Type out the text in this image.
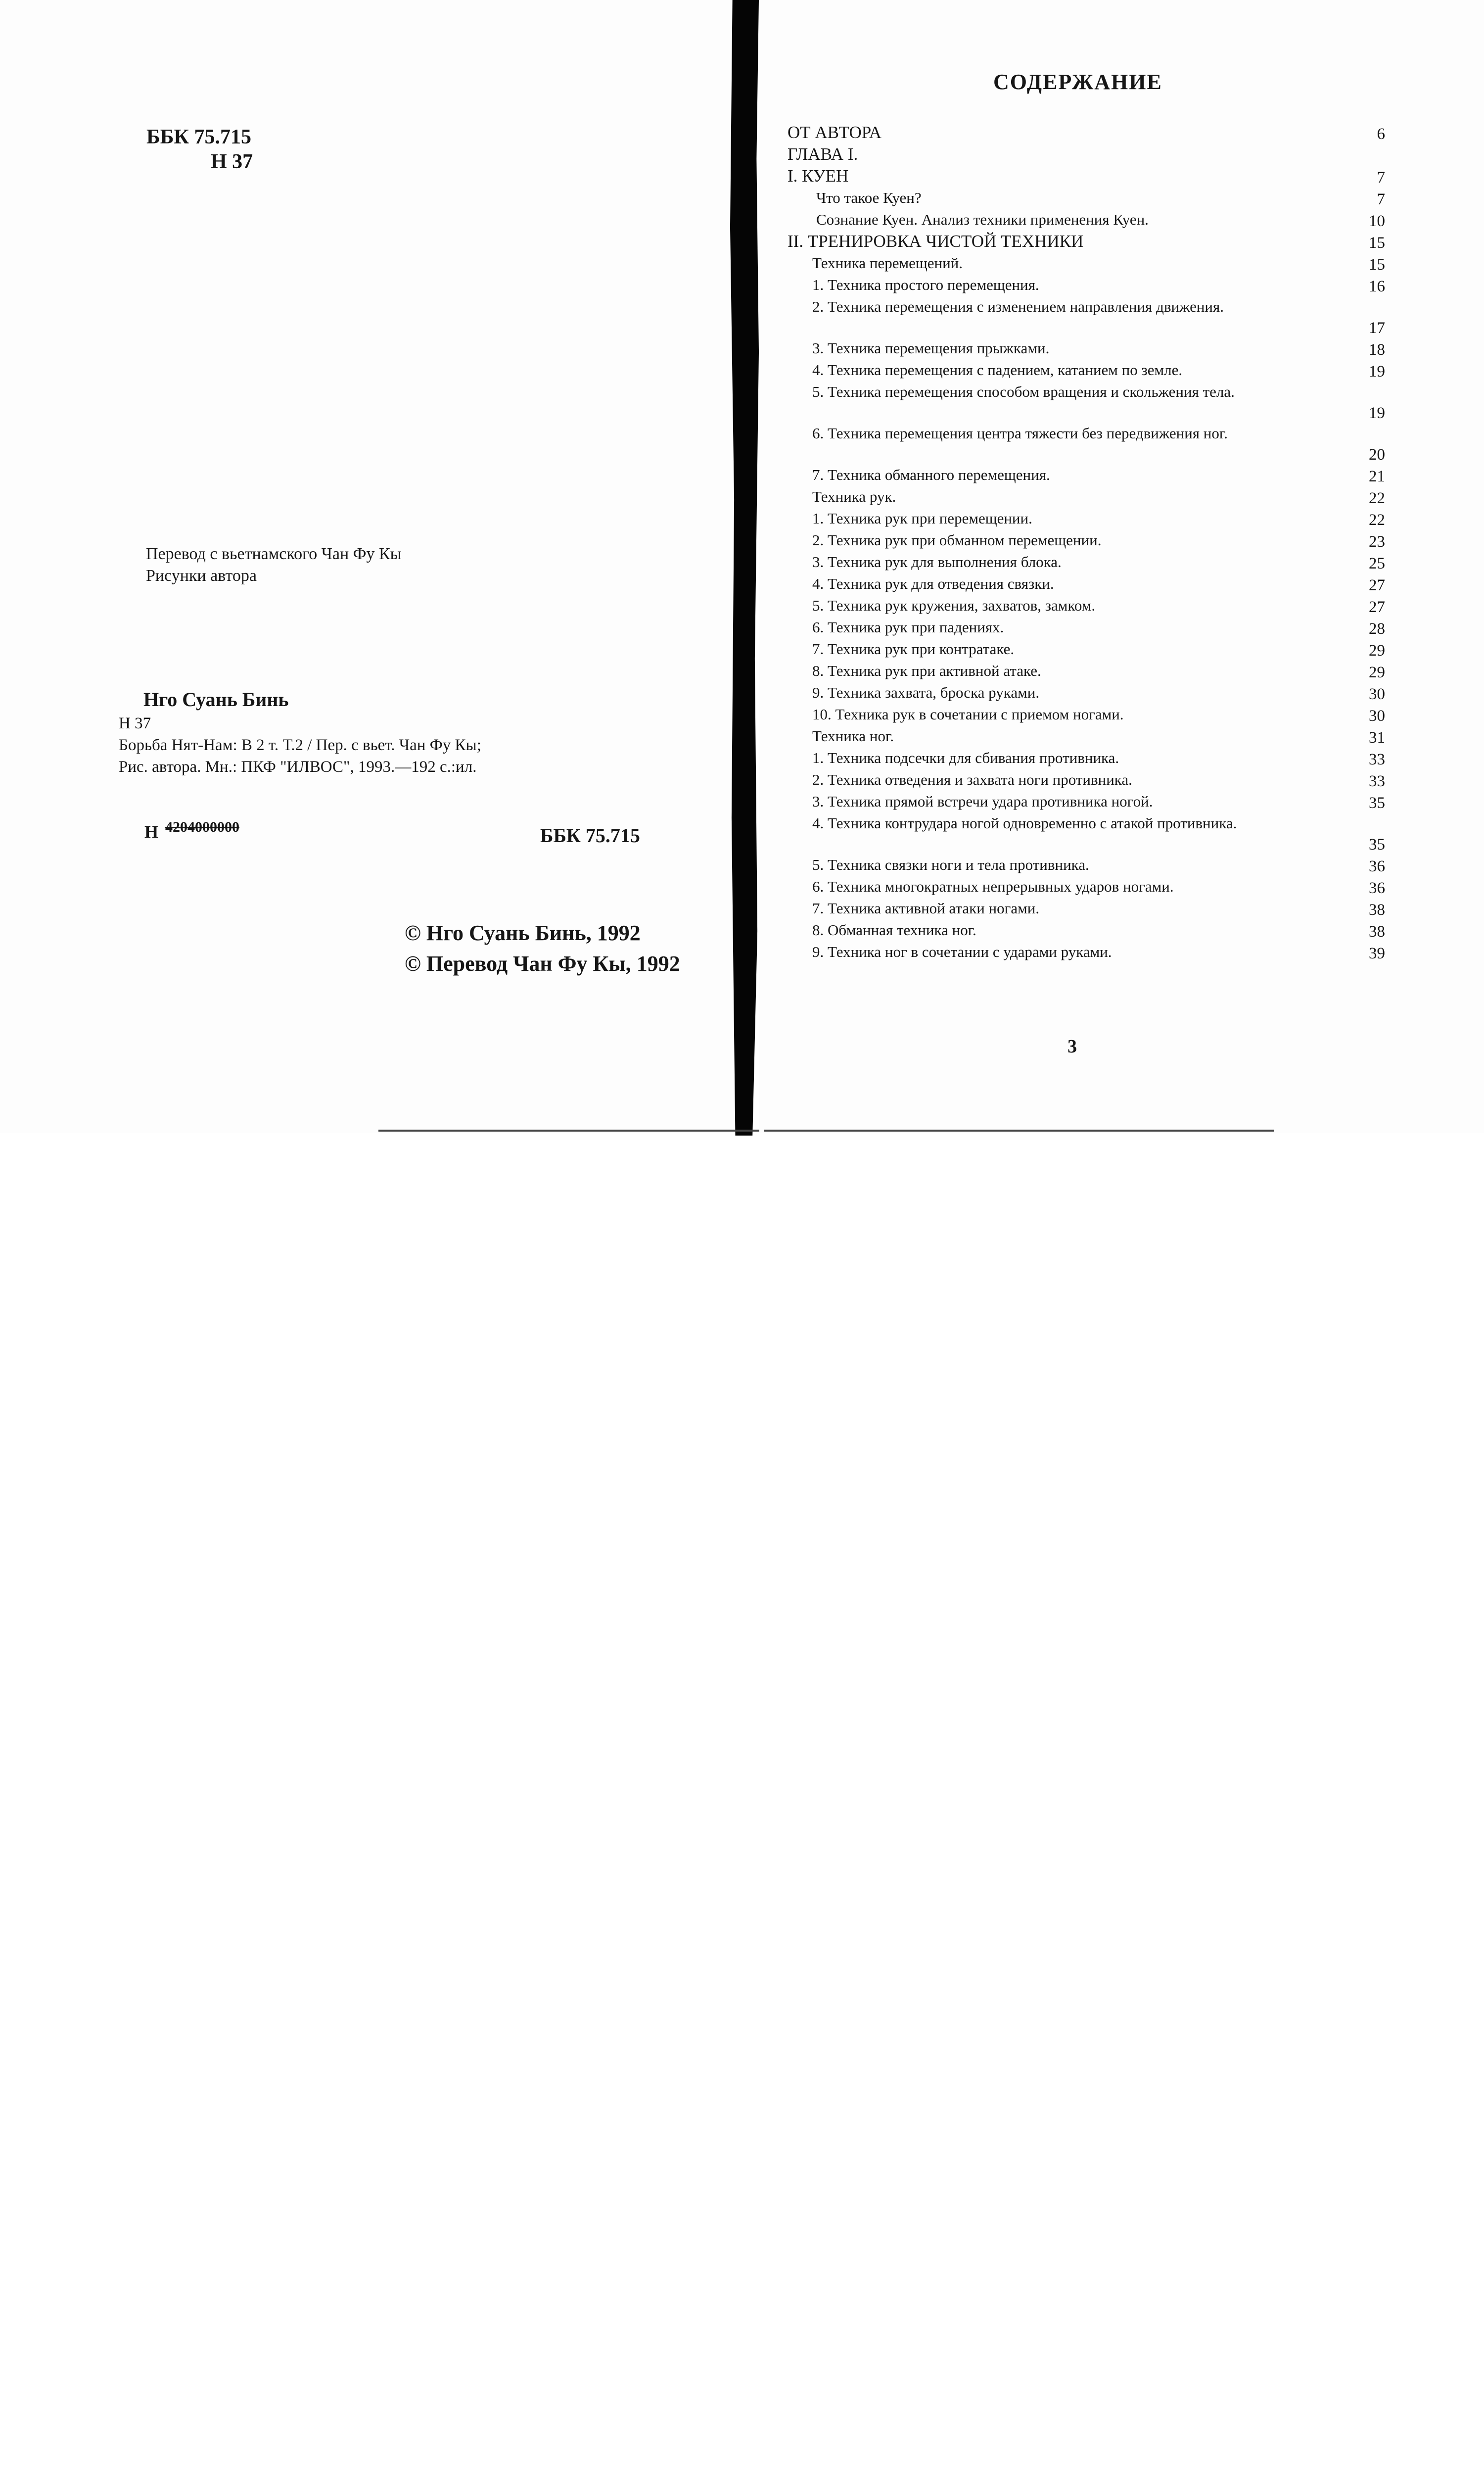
ББК 75.715
Н 37
Перевод с вьетнамского Чан Фу Кы
Рисунки автора
Нго Суань Бинь
Н 37
Борьба Нят-Нам: В 2 т. Т.2 / Пер. с вьет. Чан Фу Кы;
Рис. автора. Мн.: ПКФ "ИЛВОС", 1993.—192 с.:ил.
Н $^{4204000000}$	ББК 75.715
© Нго Суань Бинь, 1992
© Перевод Чан Фу Кы, 1992
СОДЕРЖАНИЕ
ОТ АВТОРА	6
ГЛАВА I.
I. КУЕН	7
Что такое Куен?	7
Сознание Куен. Анализ техники применения Куен.	10
II. ТРЕНИРОВКА ЧИСТОЙ ТЕХНИКИ	15
Техника перемещений.	15
1. Техника простого перемещения.	16
2. Техника перемещения с изменением направления движения.
17
3. Техника перемещения прыжками.	18
4. Техника перемещения с падением, катанием по земле.	19
5. Техника перемещения способом вращения и скольжения тела.
19
6. Техника перемещения центра тяжести без передвижения ног.
20
7. Техника обманного перемещения.	21
Техника рук.	22
1. Техника рук при перемещении.	22
2. Техника рук при обманном перемещении.	23
3. Техника рук для выполнения блока.	25
4. Техника рук для отведения связки.	27
5. Техника рук кружения, захватов, замком.	27
6. Техника рук при падениях.	28
7. Техника рук при контратаке.	29
8. Техника рук при активной атаке.	29
9. Техника захвата, броска руками.	30
10. Техника рук в сочетании с приемом ногами.	30
Техника ног.	31
1. Техника подсечки для сбивания противника.	33
2. Техника отведения и захвата ноги противника.	33
3. Техника прямой встречи удара противника ногой.	35
4. Техника контрудара ногой одновременно с атакой противника.
35
5. Техника связки ноги и тела противника.	36
6. Техника многократных непрерывных ударов ногами.	36
7. Техника активной атаки ногами.	38
8. Обманная техника ног.	38
9. Техника ног в сочетании с ударами руками.	39
3
